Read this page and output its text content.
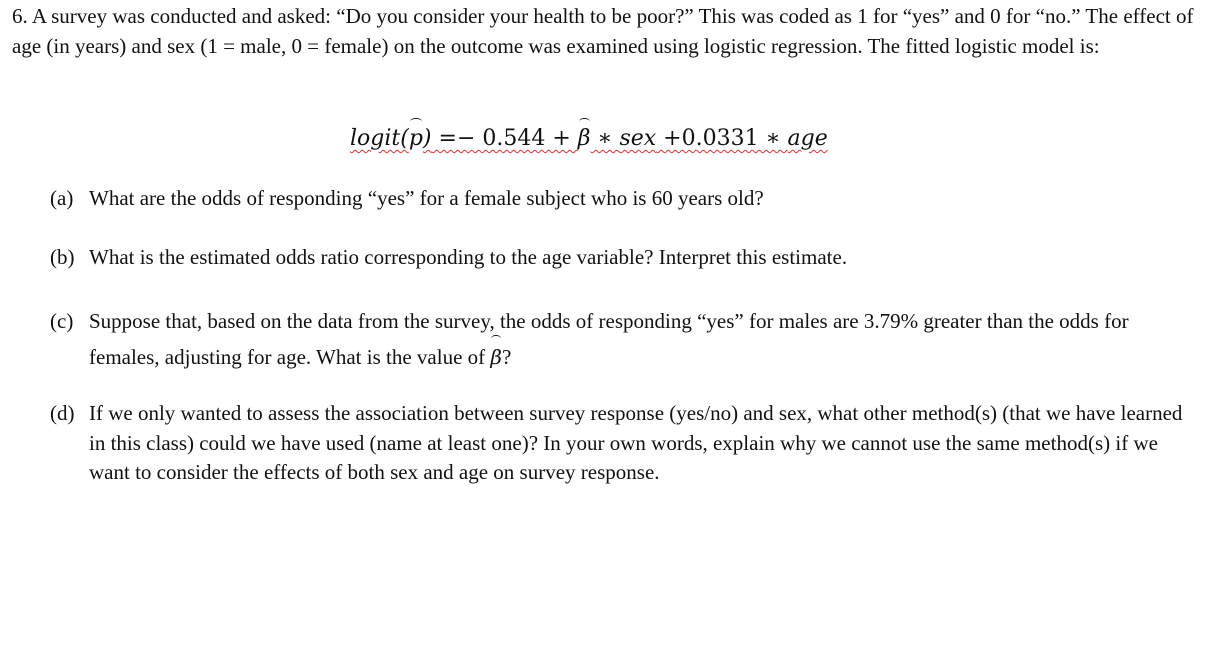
6. A survey was conducted and asked: “Do you consider your health to be poor?” This was coded as 1 for “yes” and 0 for “no.” The effect of age (in years) and sex (1 = male, 0 = female) on the outcome was examined using logistic regression. The fitted logistic model is:
logit(p) =− 0.544 + β ∗ sex +0.0331 ∗ age
(a) What are the odds of responding “yes” for a female subject who is 60 years old?
(b) What is the estimated odds ratio corresponding to the age variable? Interpret this estimate.
(c) Suppose that, based on the data from the survey, the odds of responding “yes” for males are 3.79% greater than the odds for females, adjusting for age. What is the value of β?
(d) If we only wanted to assess the association between survey response (yes/no) and sex, what other method(s) (that we have learned in this class) could we have used (name at least one)? In your own words, explain why we cannot use the same method(s) if we want to consider the effects of both sex and age on survey response.
